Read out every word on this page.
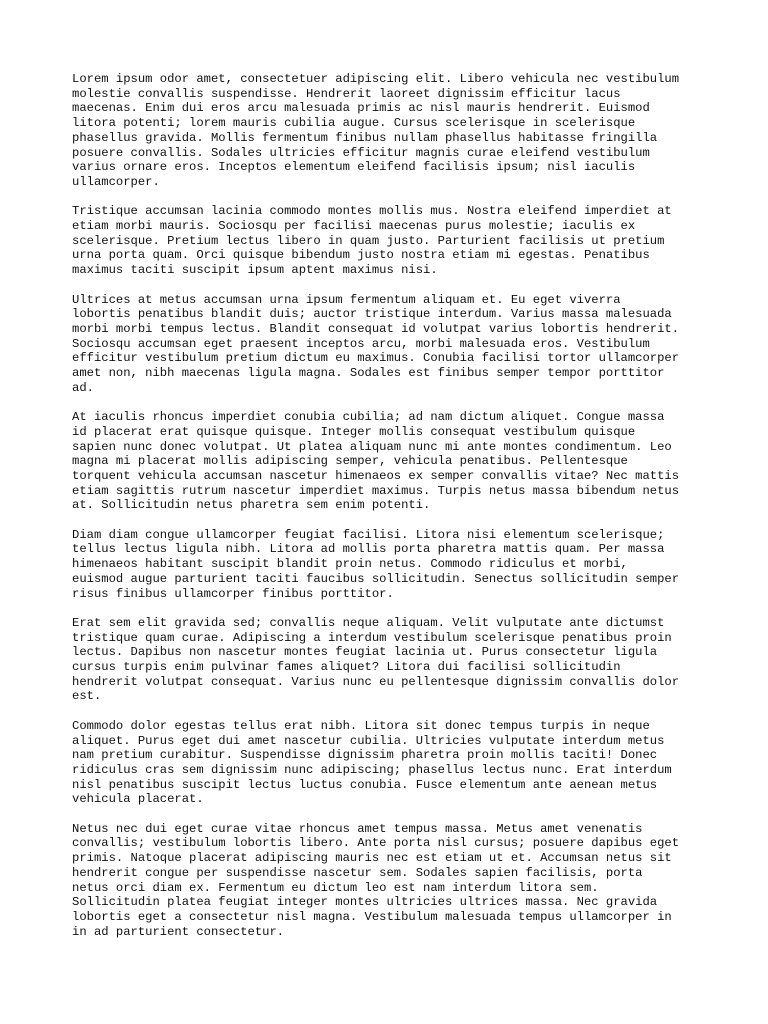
Lorem ipsum odor amet, consectetuer adipiscing elit. Libero vehicula nec vestibulum
molestie convallis suspendisse. Hendrerit laoreet dignissim efficitur lacus
maecenas. Enim dui eros arcu malesuada primis ac nisl mauris hendrerit. Euismod
litora potenti; lorem mauris cubilia augue. Cursus scelerisque in scelerisque
phasellus gravida. Mollis fermentum finibus nullam phasellus habitasse fringilla
posuere convallis. Sodales ultricies efficitur magnis curae eleifend vestibulum
varius ornare eros. Inceptos elementum eleifend facilisis ipsum; nisl iaculis
ullamcorper.

Tristique accumsan lacinia commodo montes mollis mus. Nostra eleifend imperdiet at
etiam morbi mauris. Sociosqu per facilisi maecenas purus molestie; iaculis ex
scelerisque. Pretium lectus libero in quam justo. Parturient facilisis ut pretium
urna porta quam. Orci quisque bibendum justo nostra etiam mi egestas. Penatibus
maximus taciti suscipit ipsum aptent maximus nisi.

Ultrices at metus accumsan urna ipsum fermentum aliquam et. Eu eget viverra
lobortis penatibus blandit duis; auctor tristique interdum. Varius massa malesuada
morbi morbi tempus lectus. Blandit consequat id volutpat varius lobortis hendrerit.
Sociosqu accumsan eget praesent inceptos arcu, morbi malesuada eros. Vestibulum
efficitur vestibulum pretium dictum eu maximus. Conubia facilisi tortor ullamcorper
amet non, nibh maecenas ligula magna. Sodales est finibus semper tempor porttitor
ad.

At iaculis rhoncus imperdiet conubia cubilia; ad nam dictum aliquet. Congue massa
id placerat erat quisque quisque. Integer mollis consequat vestibulum quisque
sapien nunc donec volutpat. Ut platea aliquam nunc mi ante montes condimentum. Leo
magna mi placerat mollis adipiscing semper, vehicula penatibus. Pellentesque
torquent vehicula accumsan nascetur himenaeos ex semper convallis vitae? Nec mattis
etiam sagittis rutrum nascetur imperdiet maximus. Turpis netus massa bibendum netus
at. Sollicitudin netus pharetra sem enim potenti.

Diam diam congue ullamcorper feugiat facilisi. Litora nisi elementum scelerisque;
tellus lectus ligula nibh. Litora ad mollis porta pharetra mattis quam. Per massa
himenaeos habitant suscipit blandit proin netus. Commodo ridiculus et morbi,
euismod augue parturient taciti faucibus sollicitudin. Senectus sollicitudin semper
risus finibus ullamcorper finibus porttitor.

Erat sem elit gravida sed; convallis neque aliquam. Velit vulputate ante dictumst
tristique quam curae. Adipiscing a interdum vestibulum scelerisque penatibus proin
lectus. Dapibus non nascetur montes feugiat lacinia ut. Purus consectetur ligula
cursus turpis enim pulvinar fames aliquet? Litora dui facilisi sollicitudin
hendrerit volutpat consequat. Varius nunc eu pellentesque dignissim convallis dolor
est.

Commodo dolor egestas tellus erat nibh. Litora sit donec tempus turpis in neque
aliquet. Purus eget dui amet nascetur cubilia. Ultricies vulputate interdum metus
nam pretium curabitur. Suspendisse dignissim pharetra proin mollis taciti! Donec
ridiculus cras sem dignissim nunc adipiscing; phasellus lectus nunc. Erat interdum
nisl penatibus suscipit lectus luctus conubia. Fusce elementum ante aenean metus
vehicula placerat.

Netus nec dui eget curae vitae rhoncus amet tempus massa. Metus amet venenatis
convallis; vestibulum lobortis libero. Ante porta nisl cursus; posuere dapibus eget
primis. Natoque placerat adipiscing mauris nec est etiam ut et. Accumsan netus sit
hendrerit congue per suspendisse nascetur sem. Sodales sapien facilisis, porta
netus orci diam ex. Fermentum eu dictum leo est nam interdum litora sem.
Sollicitudin platea feugiat integer montes ultricies ultrices massa. Nec gravida
lobortis eget a consectetur nisl magna. Vestibulum malesuada tempus ullamcorper in
in ad parturient consectetur.
